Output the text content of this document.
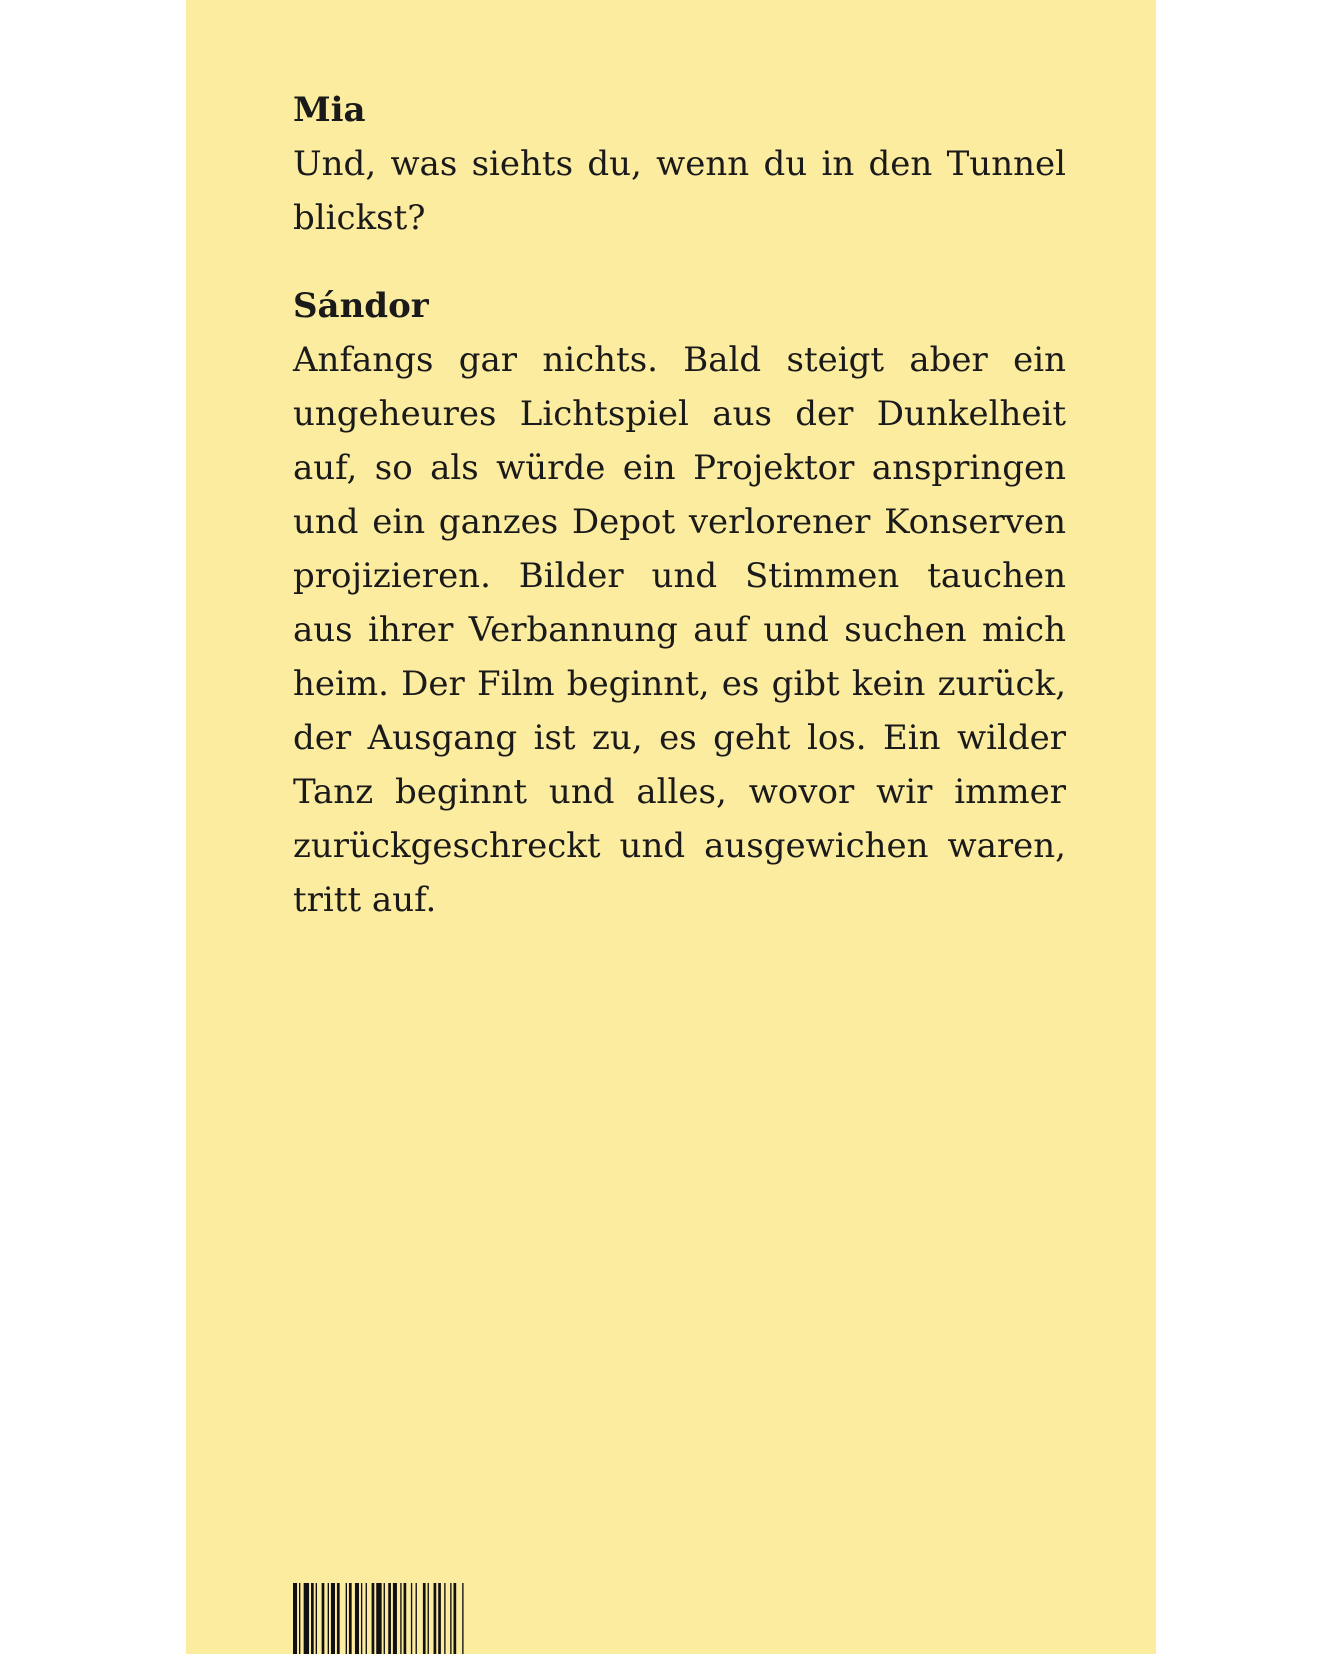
Mia

Und, was siehts du, wenn du in den Tunnel blickst?

Sándor

Anfangs gar nichts. Bald steigt aber ein ungeheures Lichtspiel aus der Dunkelheit auf, so als würde ein Projektor anspringen und ein ganzes Depot verlorener Konserven projizieren. Bilder und Stimmen tauchen aus ihrer Verbannung auf und suchen mich heim. Der Film beginnt, es gibt kein zurück, der Ausgang ist zu, es geht los. Ein wilder Tanz beginnt und alles, wovor wir immer zurückgeschreckt und ausgewichen waren, tritt auf.
